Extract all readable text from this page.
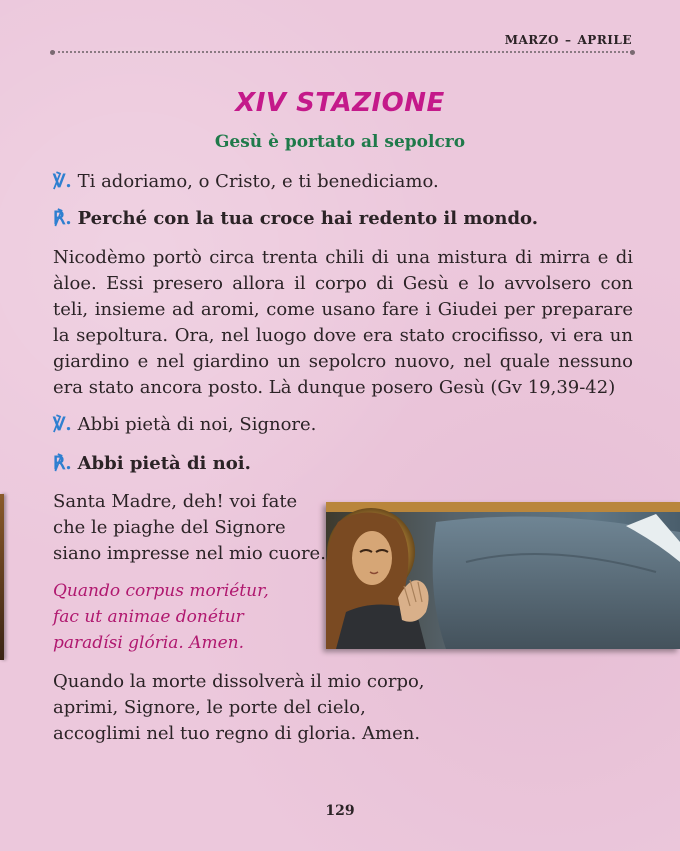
MARZO – APRILE
XIV STAZIONE
Gesù è portato al sepolcro
℣. Ti adoriamo, o Cristo, e ti benediciamo.
℟. Perché con la tua croce hai redento il mondo.
Nicodèmo portò circa trenta chili di una mistura di mirra e di àloe. Essi presero allora il corpo di Gesù e lo avvolsero con teli, insieme ad aromi, come usano fare i Giudei per preparare la sepoltura. Ora, nel luogo dove era stato crocifisso, vi era un giardino e nel giardino un sepolcro nuovo, nel quale nessuno era stato ancora posto. Là dunque posero Gesù (Gv 19,39-42)
℣. Abbi pietà di noi, Signore.
℟. Abbi pietà di noi.
Santa Madre, deh! voi fate
che le piaghe del Signore
siano impresse nel mio cuore.
Quando corpus moriétur,
fac ut animae donétur
paradísi glória. Amen.
Quando la morte dissolverà il mio corpo,
aprimi, Signore, le porte del cielo,
accoglimi nel tuo regno di gloria. Amen.
129
